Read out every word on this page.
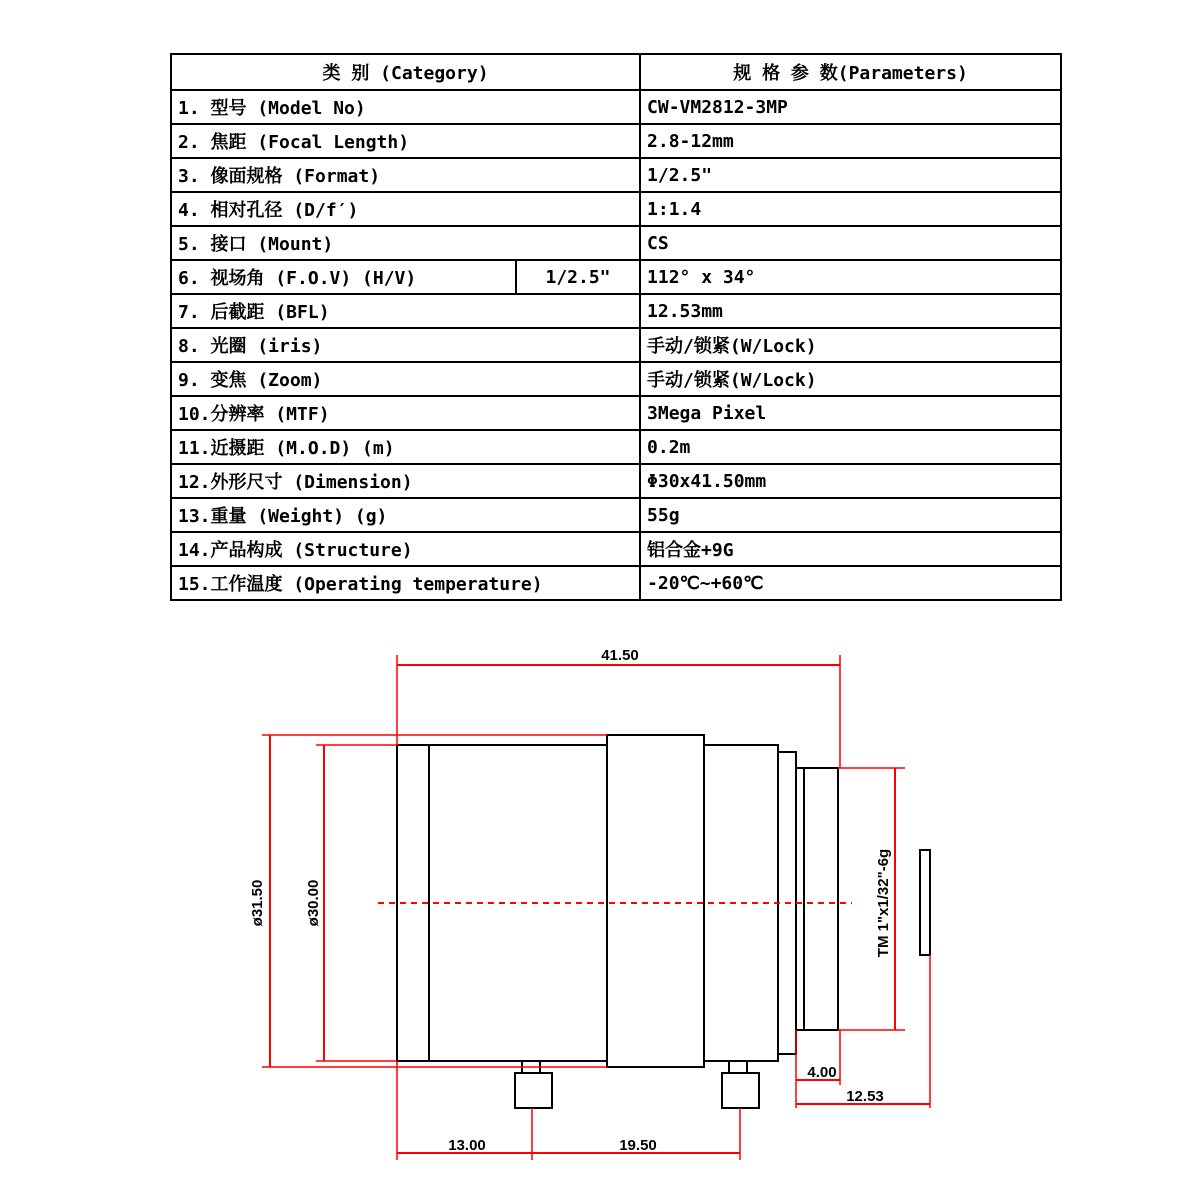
类 别 (Category)		规 格 参 数(Parameters)
1. 型号 (Model No)		CW-VM2812-3MP
2. 焦距 (Focal Length)		2.8-12mm
3. 像面规格 (Format)		1/2.5"
4. 相对孔径 (D/f′)		1:1.4
5. 接口 (Mount)		CS
6. 视场角 (F.O.V) (H/V)	1/2.5"	112° x 34°
7. 后截距 (BFL)		12.53mm
8. 光圈 (iris)		手动/锁紧(W/Lock)
9. 变焦 (Zoom)		手动/锁紧(W/Lock)
10.分辨率 (MTF)		3Mega Pixel
11.近摄距 (M.O.D) (m)		0.2m
12.外形尺寸 (Dimension)		Φ30x41.50mm
13.重量 (Weight) (g)		55g
14.产品构成 (Structure)		铝合金+9G
15.工作温度 (Operating temperature)		-20℃~+60℃
41.50
ø31.50	ø30.00	TM 1"x1/32"-6g
4.00
12.53
13.00	19.50
